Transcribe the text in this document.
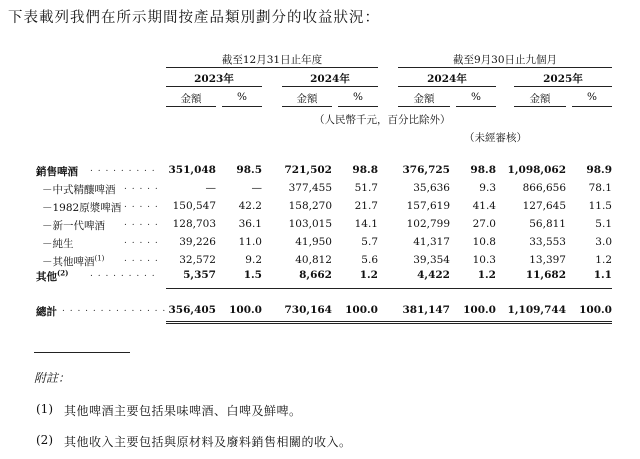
下表載列我們在所示期間按產品類別劃分的收益狀況：
截至12月31日止年度	截至9月30日止九個月
2023年	2024年	2024年	2025年
金額	%	金額	%	金額	%	金額	%
（人民幣千元，百分比除外）
（未經審核）
附註：
(1) 其他啤酒主要包括果味啤酒、白啤及鮮啤。
(2) 其他收入主要包括與原材料及廢料銷售相關的收入。
銷售啤酒 . . . . . . . . .	351,048	98.5	721,502	98.8	376,725	98.8 1,098,062	98.9
－中式精釀啤酒 . . . . .	—	—	377,455	51.7	35,636	9.3	866,656	78.1
－1982原漿啤酒 . . . . .	150,547	42.2	158,270	21.7	157,619	41.4	127,645	11.5
－新一代啤酒 . . . . .	128,703	36.1	103,015	14.1	102,799	27.0	56,811	5.1
－純生	. . . . .	39,226	11.0	41,950	5.7	41,317	10.8	33,553	3.0
－其他啤酒$^{(1)}$ . . . . .	32,572	9.2	40,812	5.6	39,354	10.3	13,397	1.2
其他$^{(2)}$ . . . . . . . . .	5,357	1.5	8,662	1.2	4,422	1.2	11,682	1.1
總計 . . . . . . . . . . . . . . 356,405	100.0	730,164	100.0	381,147	100.0 1,109,744	100.0
